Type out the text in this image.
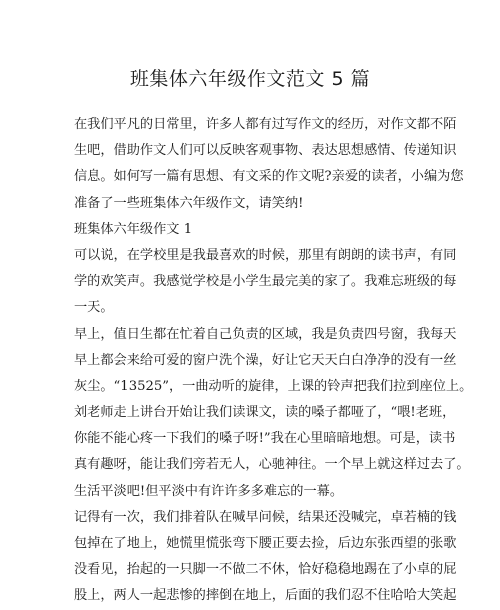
班集体六年级作文范文 5 篇
在我们平凡的日常里，许多人都有过写作文的经历，对作文都不陌
生吧，借助作文人们可以反映客观事物、表达思想感情、传递知识
信息。如何写一篇有思想、有文采的作文呢?亲爱的读者，小编为您
准备了一些班集体六年级作文，请笑纳!
班集体六年级作文 1
可以说，在学校里是我最喜欢的时候，那里有朗朗的读书声，有同
学的欢笑声。我感觉学校是小学生最完美的家了。我难忘班级的每
一天。
早上，值日生都在忙着自己负责的区域，我是负责四号窗，我每天
早上都会来给可爱的窗户洗个澡，好让它天天白白净净的没有一丝
灰尘。“13525”，一曲动听的旋律，上课的铃声把我们拉到座位上。
刘老师走上讲台开始让我们读课文，读的嗓子都哑了，“喂!老班，
你能不能心疼一下我们的嗓子呀!”我在心里暗暗地想。可是，读书
真有趣呀，能让我们旁若无人，心驰神往。一个早上就这样过去了。
生活平淡吧!但平淡中有许许多多难忘的一幕。
记得有一次，我们排着队在喊早问候，结果还没喊完，卓若楠的钱
包掉在了地上，她慌里慌张弯下腰正要去捡，后边东张西望的张歌
没看见，抬起的一只脚一不做二不休，恰好稳稳地踢在了小卓的屁
股上，两人一起悲惨的摔倒在地上，后面的我们忍不住哈哈大笑起
